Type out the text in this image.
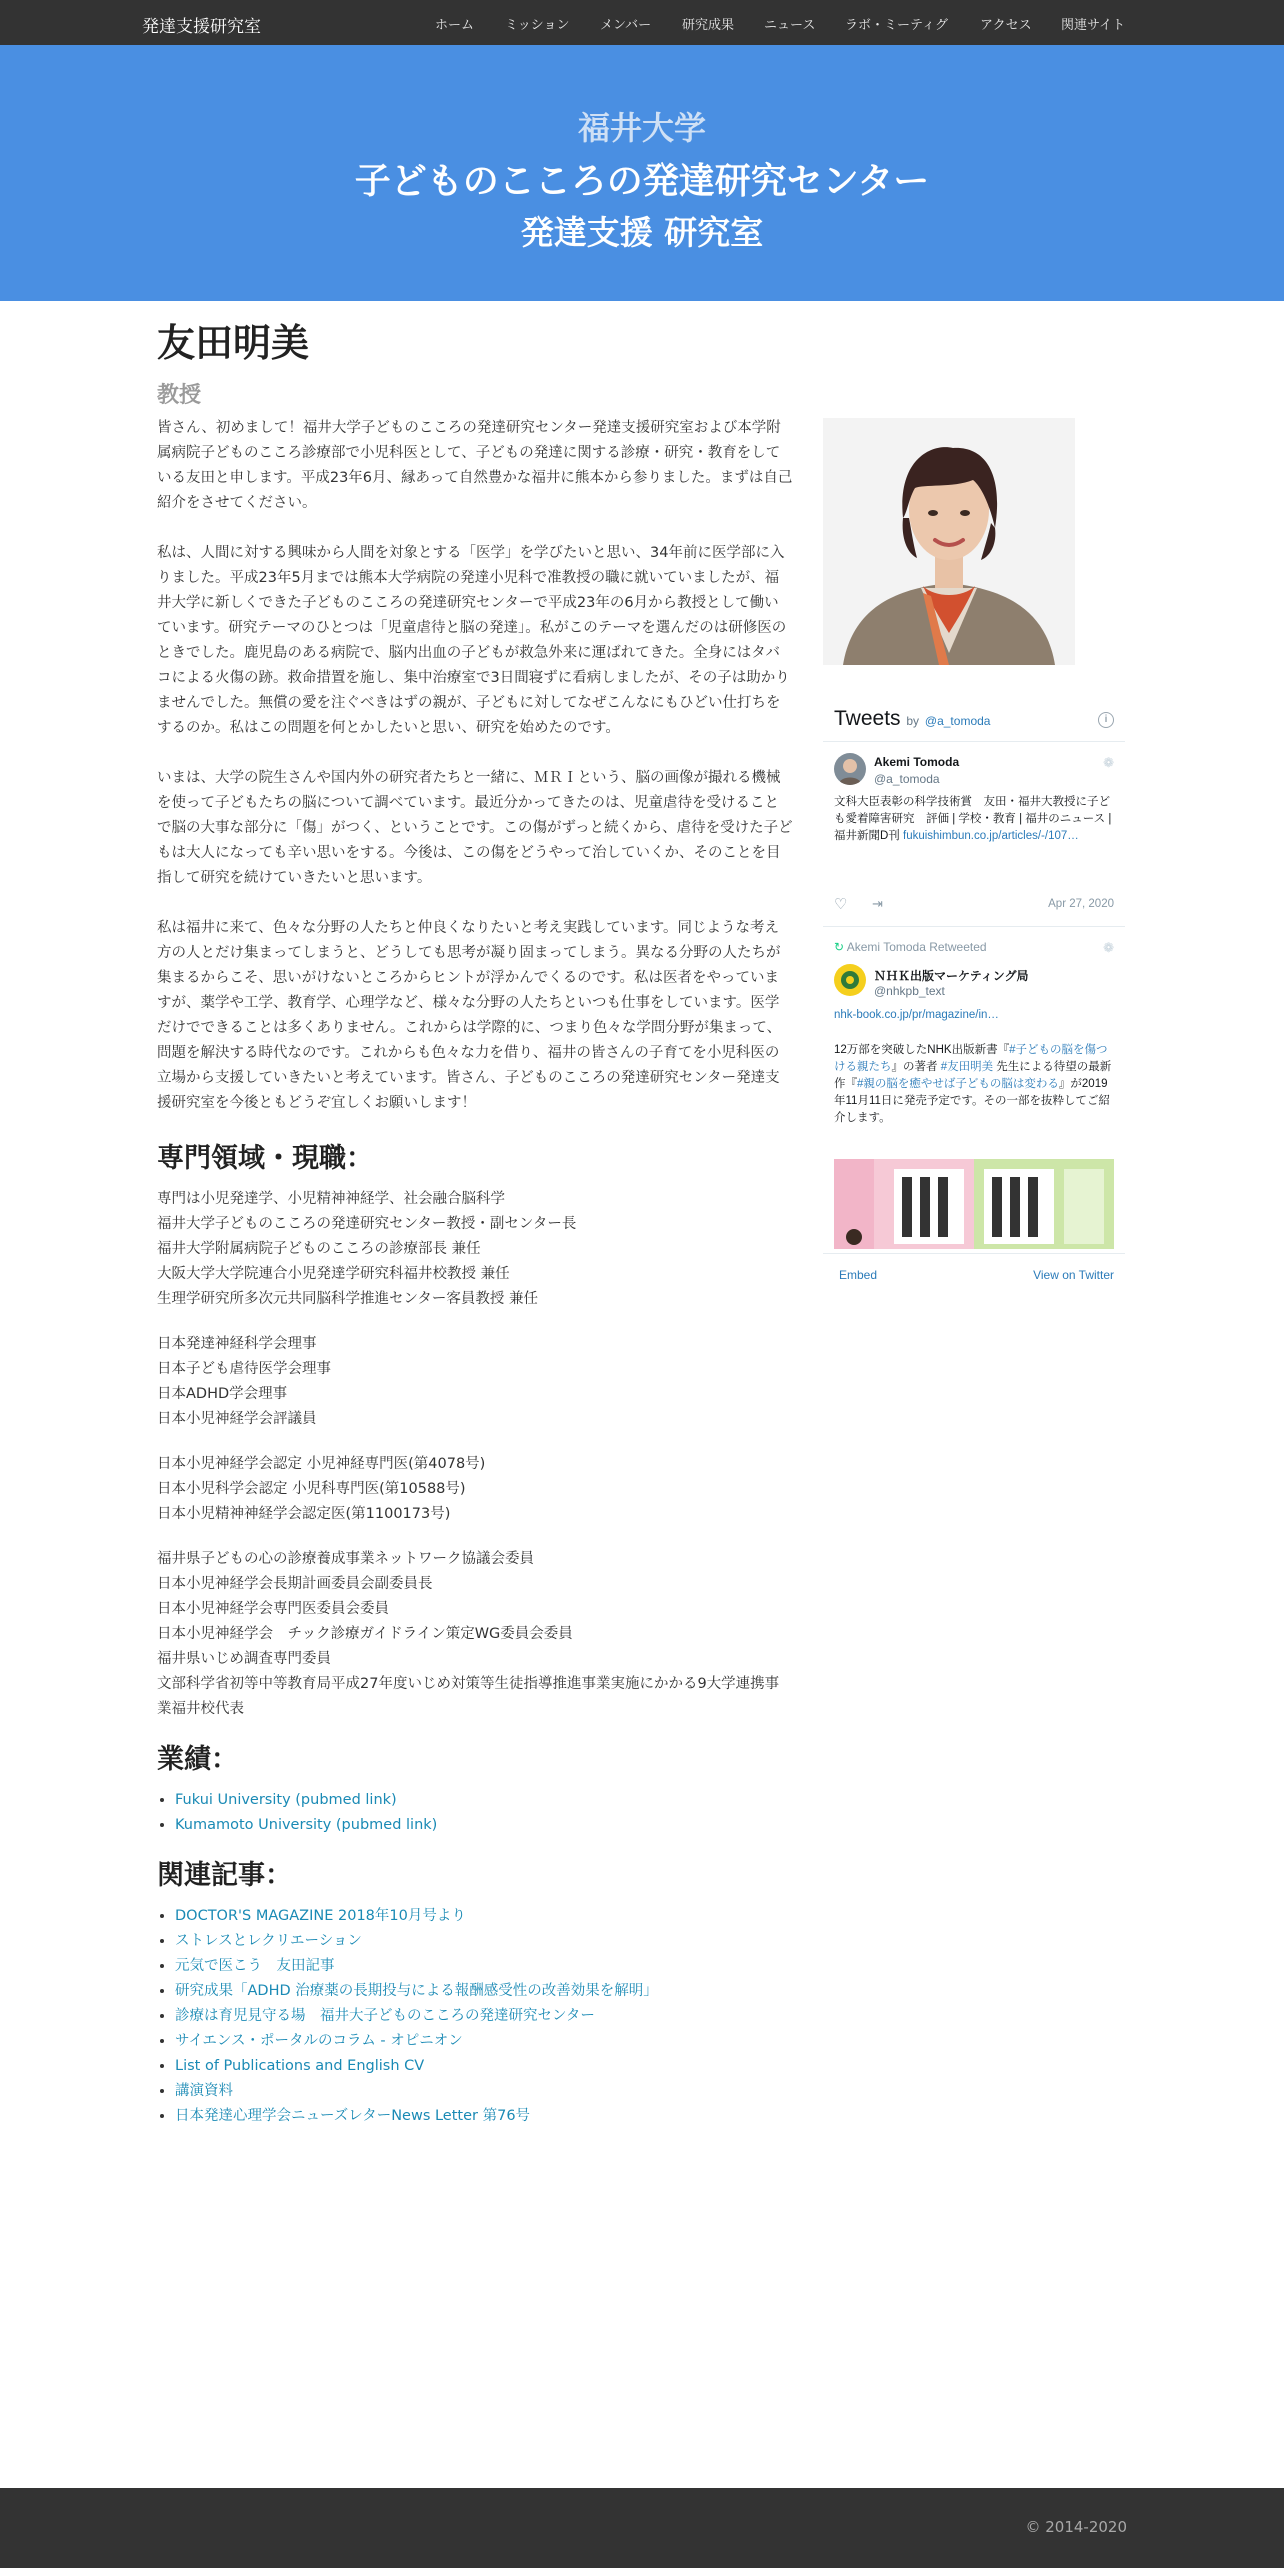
発達支援研究室	ホーム ミッション メンバー 研究成果 ニュース ラボ・ミーティグ アクセス 関連サイト
福井大学
子どものこころの発達研究センター
発達支援 研究室
友田明美
教授

皆さん、初めまして！福井大学子どものこころの発達研究センター発達支援研究室および本学附属病院子どものこころ診療部で小児科医として、子どもの発達に関する診療・研究・教育をしている友田と申します。平成23年6月、縁あって自然豊かな福井に熊本から参りました。まずは自己紹介をさせてください。

私は、人間に対する興味から人間を対象とする「医学」を学びたいと思い、34年前に医学部に入りました。平成23年5月までは熊本大学病院の発達小児科で准教授の職に就いていましたが、福井大学に新しくできた子どものこころの発達研究センターで平成23年の6月から教授として働いています。研究テーマのひとつは「児童虐待と脳の発達」。私がこのテーマを選んだのは研修医のときでした。鹿児島のある病院で、脳内出血の子どもが救急外来に運ばれてきた。全身にはタバコによる火傷の跡。救命措置を施し、集中治療室で3日間寝ずに看病しましたが、その子は助かりませんでした。無償の愛を注ぐべきはずの親が、子どもに対してなぜこんなにもひどい仕打ちをするのか。私はこの問題を何とかしたいと思い、研究を始めたのです。

いまは、大学の院生さんや国内外の研究者たちと一緒に、ＭＲＩという、脳の画像が撮れる機械を使って子どもたちの脳について調べています。最近分かってきたのは、児童虐待を受けることで脳の大事な部分に「傷」がつく、ということです。この傷がずっと続くから、虐待を受けた子どもは大人になっても辛い思いをする。今後は、この傷をどうやって治していくか、そのことを目指して研究を続けていきたいと思います。

私は福井に来て、色々な分野の人たちと仲良くなりたいと考え実践しています。同じような考え方の人とだけ集まってしまうと、どうしても思考が凝り固まってしまう。異なる分野の人たちが集まるからこそ、思いがけないところからヒントが浮かんでくるのです。私は医者をやっていますが、薬学や工学、教育学、心理学など、様々な分野の人たちといつも仕事をしています。医学だけでできることは多くありません。これからは学際的に、つまり色々な学問分野が集まって、問題を解決する時代なのです。これからも色々な力を借り、福井の皆さんの子育てを小児科医の立場から支援していきたいと考えています。皆さん、子どものこころの発達研究センター発達支援研究室を今後ともどうぞ宜しくお願いします！

専門領域・現職：
専門は小児発達学、小児精神神経学、社会融合脳科学
福井大学子どものこころの発達研究センター教授・副センター長
福井大学附属病院子どものこころの診療部長 兼任
大阪大学大学院連合小児発達学研究科福井校教授 兼任
生理学研究所多次元共同脳科学推進センター客員教授 兼任
日本発達神経科学会理事
日本子ども虐待医学会理事
日本ADHD学会理事
日本小児神経学会評議員
日本小児神経学会認定 小児神経専門医(第4078号)
日本小児科学会認定 小児科専門医(第10588号)
日本小児精神神経学会認定医(第1100173号)
福井県子どもの心の診療養成事業ネットワーク協議会委員
日本小児神経学会長期計画委員会副委員長
日本小児神経学会専門医委員会委員
日本小児神経学会　チック診療ガイドライン策定WG委員会委員
福井県いじめ調査専門委員
文部科学省初等中等教育局平成27年度いじめ対策等生徒指導推進事業実施にかかる9大学連携事業福井校代表
業績：
• Fukui University (pubmed link)
• Kumamoto University (pubmed link)
関連記事：
• DOCTOR'S MAGAZINE 2018年10月号より
• ストレスとレクリエーション
• 元気で医こう　友田記事
• 研究成果「ADHD 治療薬の長期投与による報酬感受性の改善効果を解明」
• 診療は育児見守る場　福井大子どものこころの発達研究センター
• サイエンス・ポータルのコラム - オピニオン
• List of Publications and English CV
• 講演資料
• 日本発達心理学会ニューズレターNews Letter 第76号
Tweets by @a_tomoda	i
Akemi Tomoda
@a_tomoda
❁
文科大臣表彰の科学技術賞　友田・福井大教授に子ども愛着障害研究　評価 | 学校・教育 | 福井のニュース | 福井新聞D刊 fukuishimbun.co.jp/articles/-/107…
♡ ⇥	Apr 27, 2020
↻ Akemi Tomoda Retweeted	❁
ＮＨＫ出版マーケティング局
@nhkpb_text
nhk-book.co.jp/pr/magazine/in…
12万部を突破したNHK出版新書『#子どもの脳を傷つける親たち』の著者 #友田明美 先生による待望の最新作『#親の脳を癒やせば子どもの脳は変わる』が2019年11月11日に発売予定です。その一部を抜粋してご紹介します。
Embed	View on Twitter
© 2014-2020
